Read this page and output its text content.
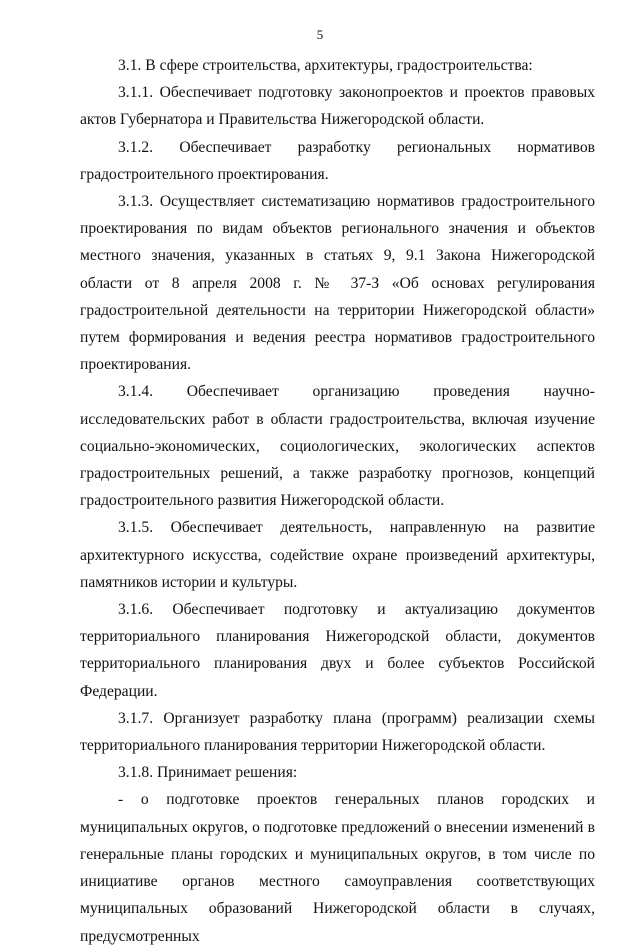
5

3.1. В сфере строительства, архитектуры, градостроительства:

3.1.1. Обеспечивает подготовку законопроектов и проектов правовых актов Губернатора и Правительства Нижегородской области.

3.1.2. Обеспечивает разработку региональных нормативов градостроительного проектирования.

3.1.3. Осуществляет систематизацию нормативов градостроительного проектирования по видам объектов регионального значения и объектов местного значения, указанных в статьях 9, 9.1 Закона Нижегородской области от 8 апреля 2008 г. № 37-З «Об основах регулирования градостроительной деятельности на территории Нижегородской области» путем формирования и ведения реестра нормативов градостроительного проектирования.

3.1.4. Обеспечивает организацию проведения научно-исследовательских работ в области градостроительства, включая изучение социально-экономических, социологических, экологических аспектов градостроительных решений, а также разработку прогнозов, концепций градостроительного развития Нижегородской области.

3.1.5. Обеспечивает деятельность, направленную на развитие архитектурного искусства, содействие охране произведений архитектуры, памятников истории и культуры.

3.1.6. Обеспечивает подготовку и актуализацию документов территориального планирования Нижегородской области, документов территориального планирования двух и более субъектов Российской Федерации.

3.1.7. Организует разработку плана (программ) реализации схемы территориального планирования территории Нижегородской области.

3.1.8. Принимает решения:

- о подготовке проектов генеральных планов городских и муниципальных округов, о подготовке предложений о внесении изменений в генеральные планы городских и муниципальных округов, в том числе по инициативе органов местного самоуправления соответствующих муниципальных образований Нижегородской области в случаях, предусмотренных
